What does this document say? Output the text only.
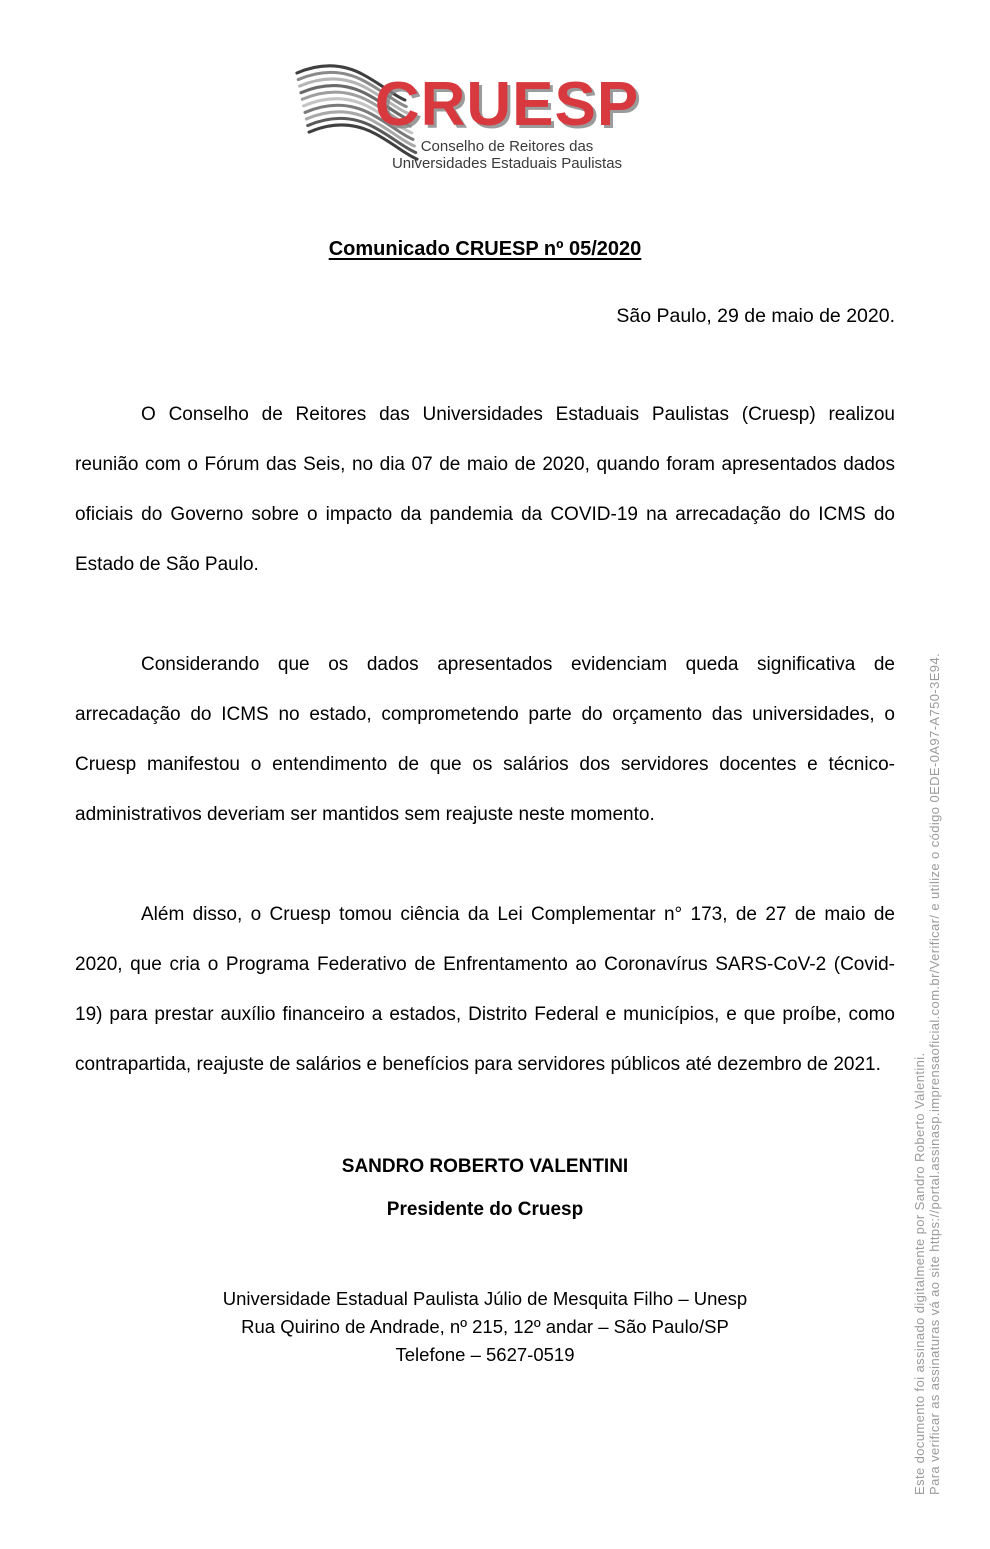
CRUESP
Conselho de Reitores das
Universidades Estaduais Paulistas
Comunicado CRUESP nº 05/2020
São Paulo, 29 de maio de 2020.

O Conselho de Reitores das Universidades Estaduais Paulistas (Cruesp) realizou reunião com o Fórum das Seis, no dia 07 de maio de 2020, quando foram apresentados dados oficiais do Governo sobre o impacto da pandemia da COVID-19 na arrecadação do ICMS do Estado de São Paulo.

Considerando que os dados apresentados evidenciam queda significativa de arrecadação do ICMS no estado, comprometendo parte do orçamento das universidades, o Cruesp manifestou o entendimento de que os salários dos servidores docentes e técnico-administrativos deveriam ser mantidos sem reajuste neste momento.

Além disso, o Cruesp tomou ciência da Lei Complementar n° 173, de 27 de maio de 2020, que cria o Programa Federativo de Enfrentamento ao Coronavírus SARS-CoV-2 (Covid-19) para prestar auxílio financeiro a estados, Distrito Federal e municípios, e que proíbe, como contrapartida, reajuste de salários e benefícios para servidores públicos até dezembro de 2021.

SANDRO ROBERTO VALENTINI
Presidente do Cruesp
Universidade Estadual Paulista Júlio de Mesquita Filho – Unesp
Rua Quirino de Andrade, nº 215, 12º andar – São Paulo/SP
Telefone – 5627-0519	Este documento foi assinado digitalmente por Sandro Roberto Valentini. Para verificar as assinaturas vá ao site https://portal.assinasp.imprensaoficial.com.br/Verificar/ e utilize o código 0EDE-0A97-A750-3E94.
